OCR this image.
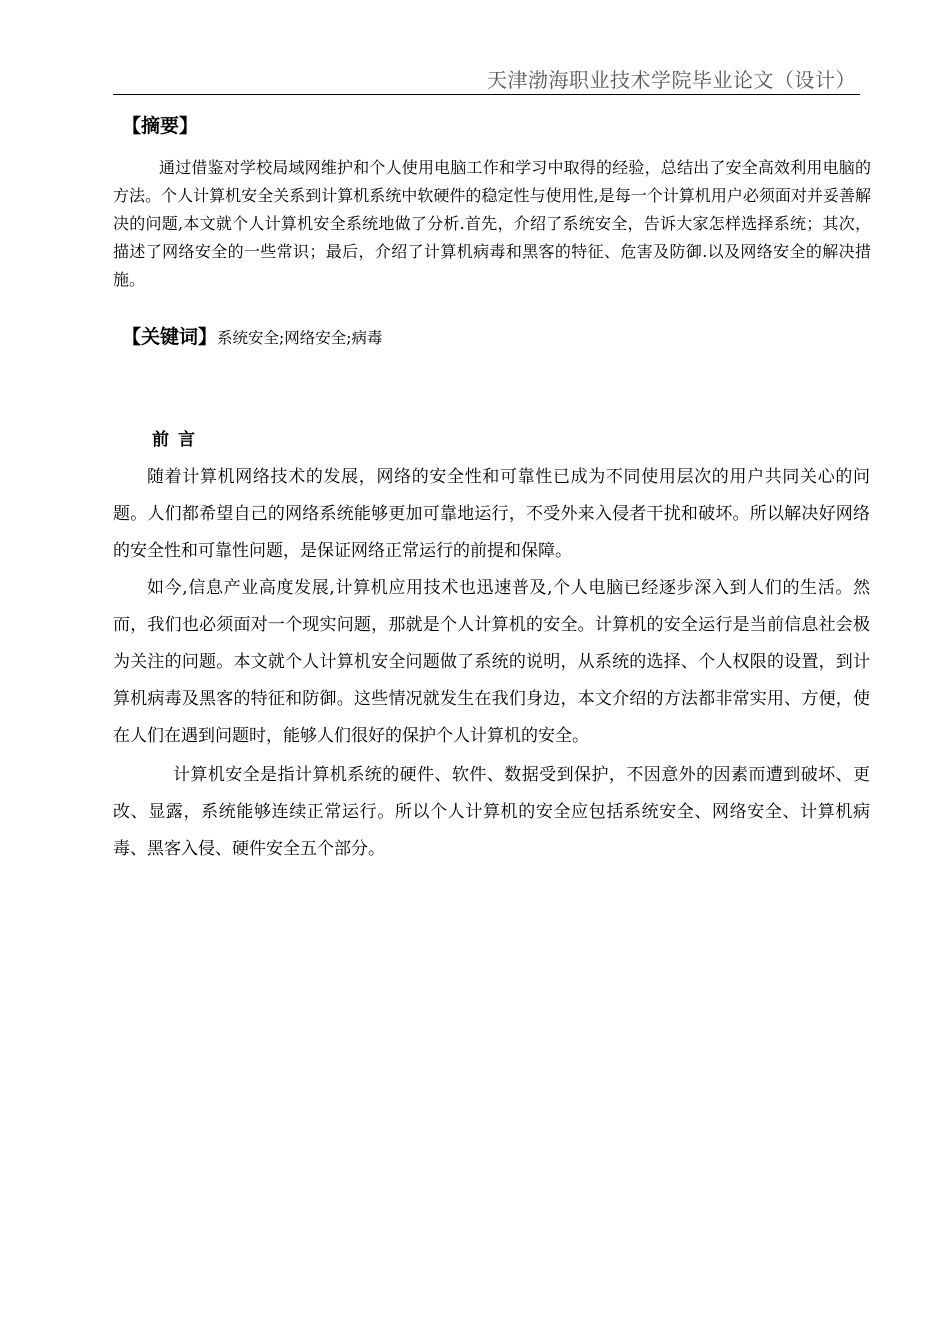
天津渤海职业技术学院毕业论文（设计）
【摘要】

通过借鉴对学校局域网维护和个人使用电脑工作和学习中取得的经验，总结出了安全高效利用电脑的方法。个人计算机安全关系到计算机系统中软硬件的稳定性与使用性,是每一个计算机用户必须面对并妥善解决的问题,本文就个人计算机安全系统地做了分析.首先，介绍了系统安全，告诉大家怎样选择系统；其次，描述了网络安全的一些常识；最后，介绍了计算机病毒和黑客的特征、危害及防御.以及网络安全的解决措施。

【关键词】系统安全;网络安全;病毒
前言

随着计算机网络技术的发展，网络的安全性和可靠性已成为不同使用层次的用户共同关心的问题。人们都希望自己的网络系统能够更加可靠地运行，不受外来入侵者干扰和破坏。所以解决好网络的安全性和可靠性问题，是保证网络正常运行的前提和保障。

如今,信息产业高度发展,计算机应用技术也迅速普及,个人电脑已经逐步深入到人们的生活。然而，我们也必须面对一个现实问题，那就是个人计算机的安全。计算机的安全运行是当前信息社会极为关注的问题。本文就个人计算机安全问题做了系统的说明，从系统的选择、个人权限的设置，到计算机病毒及黑客的特征和防御。这些情况就发生在我们身边，本文介绍的方法都非常实用、方便，使在人们在遇到问题时，能够人们很好的保护个人计算机的安全。

计算机安全是指计算机系统的硬件、软件、数据受到保护，不因意外的因素而遭到破坏、更改、显露，系统能够连续正常运行。所以个人计算机的安全应包括系统安全、网络安全、计算机病毒、黑客入侵、硬件安全五个部分。
